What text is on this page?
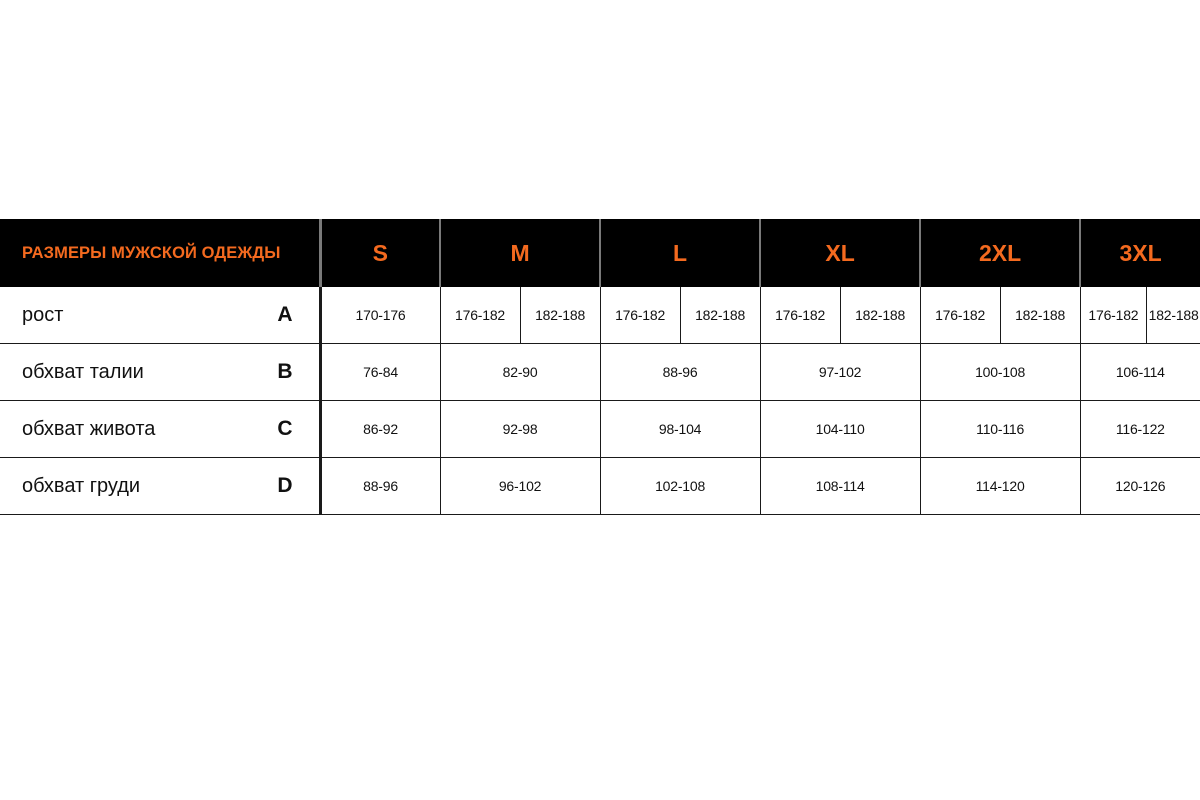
РАЗМЕРЫ МУЖСКОЙ ОДЕЖДЫ	S	M		L		XL		2XL		3XL	

рост A	170-176	176-182	182-188	176-182	182-188	176-182	182-188	176-182	182-188	176-182	182-188

обхват талии B	76-84	82-90		88-96		97-102		100-108		106-114	

обхват живота C	86-92	92-98		98-104		104-110		110-116		116-122	

обхват груди D	88-96	96-102		102-108		108-114		114-120		120-126	
